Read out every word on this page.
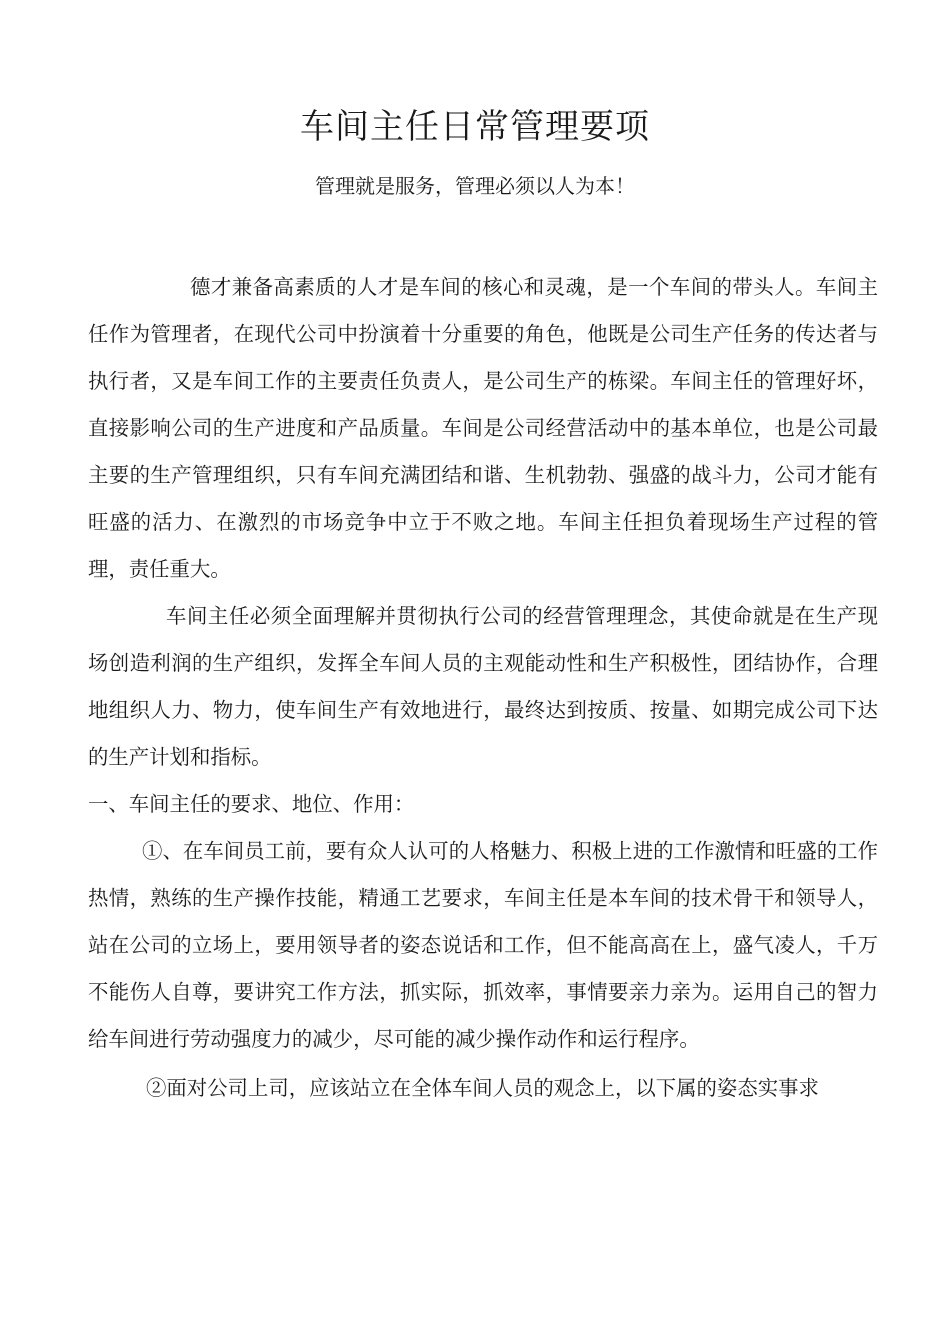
车间主任日常管理要项

管理就是服务，管理必须以人为本！

德才兼备高素质的人才是车间的核心和灵魂，是一个车间的带头人。车间主任作为管理者，在现代公司中扮演着十分重要的角色，他既是公司生产任务的传达者与执行者，又是车间工作的主要责任负责人，是公司生产的栋梁。车间主任的管理好坏，直接影响公司的生产进度和产品质量。车间是公司经营活动中的基本单位，也是公司最主要的生产管理组织，只有车间充满团结和谐、生机勃勃、强盛的战斗力，公司才能有旺盛的活力、在激烈的市场竞争中立于不败之地。车间主任担负着现场生产过程的管理，责任重大。

车间主任必须全面理解并贯彻执行公司的经营管理理念，其使命就是在生产现场创造利润的生产组织，发挥全车间人员的主观能动性和生产积极性，团结协作，合理地组织人力、物力，使车间生产有效地进行，最终达到按质、按量、如期完成公司下达的生产计划和指标。

一、车间主任的要求、地位、作用：

①、在车间员工前，要有众人认可的人格魅力、积极上进的工作激情和旺盛的工作热情，熟练的生产操作技能，精通工艺要求，车间主任是本车间的技术骨干和领导人，站在公司的立场上，要用领导者的姿态说话和工作，但不能高高在上，盛气凌人，千万不能伤人自尊，要讲究工作方法，抓实际，抓效率，事情要亲力亲为。运用自己的智力给车间进行劳动强度力的减少，尽可能的减少操作动作和运行程序。

②面对公司上司，应该站立在全体车间人员的观念上，以下属的姿态实事求
